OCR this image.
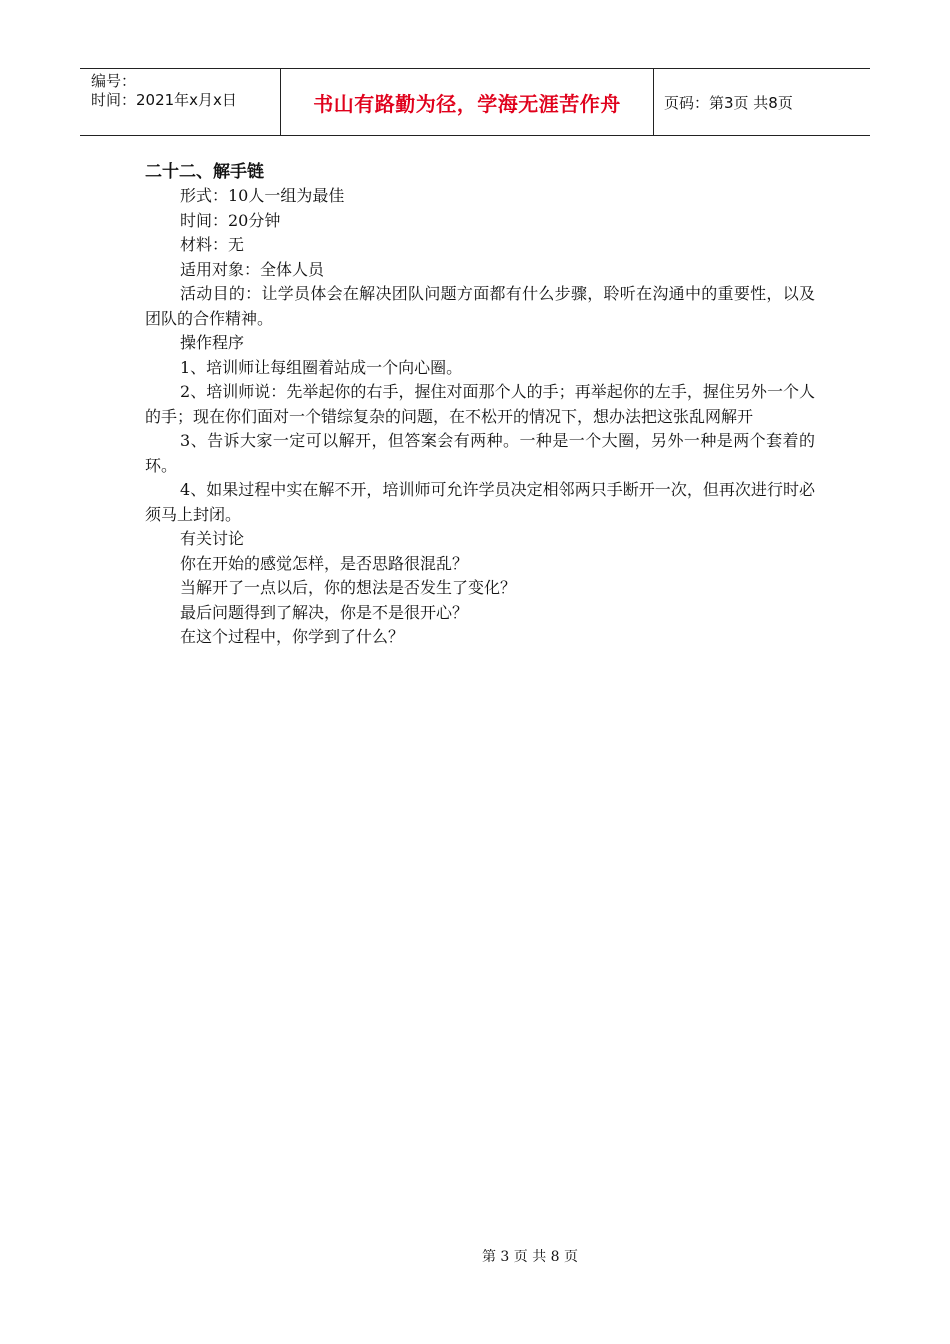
编号：
时间：2021年x月x日	书山有路勤为径，学海无涯苦作舟	页码：第3页 共8页

二十二、解手链

形式：10人一组为最佳

时间：20分钟

材料：无

适用对象：全体人员

活动目的：让学员体会在解决团队问题方面都有什么步骤，聆听在沟通中的重要性，以及团队的合作精神。

操作程序

1、培训师让每组圈着站成一个向心圈。

2、培训师说：先举起你的右手，握住对面那个人的手；再举起你的左手，握住另外一个人的手；现在你们面对一个错综复杂的问题，在不松开的情况下，想办法把这张乱网解开

3、告诉大家一定可以解开，但答案会有两种。一种是一个大圈，另外一种是两个套着的环。

4、如果过程中实在解不开，培训师可允许学员决定相邻两只手断开一次，但再次进行时必须马上封闭。

有关讨论

你在开始的感觉怎样，是否思路很混乱？

当解开了一点以后，你的想法是否发生了变化？

最后问题得到了解决，你是不是很开心？

在这个过程中，你学到了什么？

第 3 页 共 8 页
